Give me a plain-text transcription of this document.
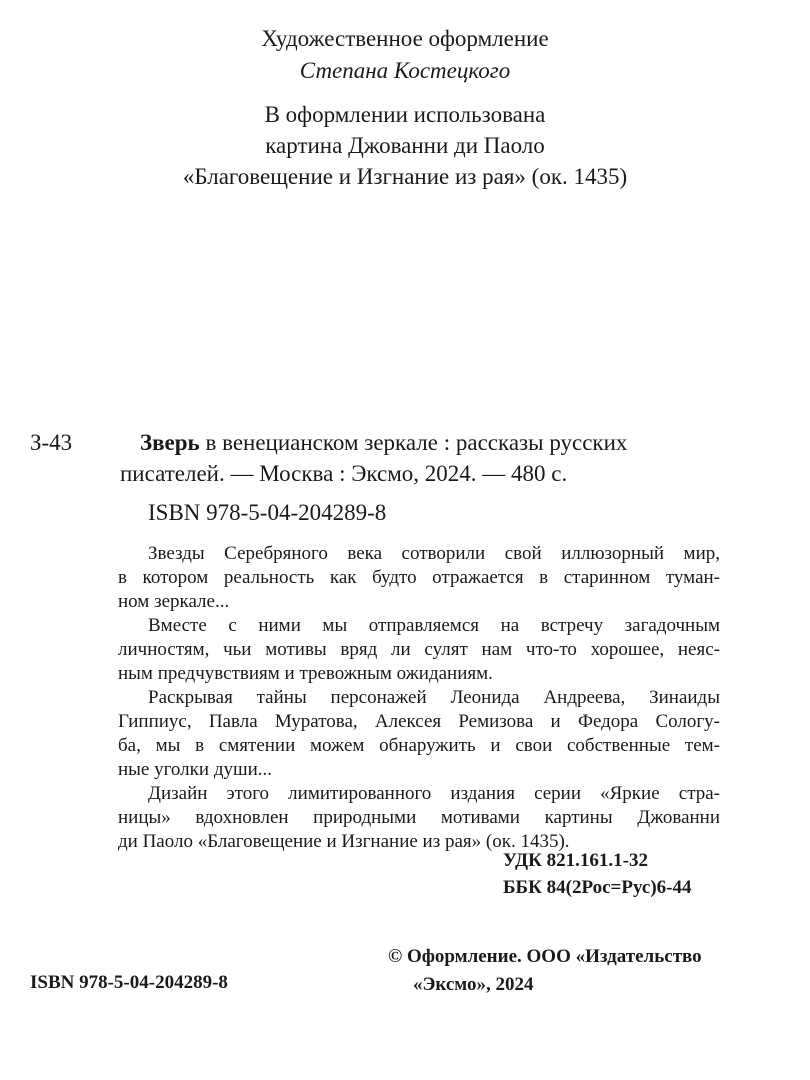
Художественное оформление
Степана Костецкого
В оформлении использована
картина Джованни ди Паоло
«Благовещение и Изгнание из рая» (ок. 1435)
З-43	Зверь в венецианском зеркале : рассказы русских
писателей. — Москва : Эксмо, 2024. — 480 с.
ISBN 978-5-04-204289-8
Звезды Серебряного века сотворили свой иллюзорный мир,
в котором реальность как будто отражается в старинном туман-
ном зеркале...
Вместе с ними мы отправляемся на встречу загадочным
личностям, чьи мотивы вряд ли сулят нам что-то хорошее, неяс-
ным предчувствиям и тревожным ожиданиям.
Раскрывая тайны персонажей Леонида Андреева, Зинаиды
Гиппиус, Павла Муратова, Алексея Ремизова и Федора Сологу-
ба, мы в смятении можем обнаружить и свои собственные тем-
ные уголки души...
Дизайн этого лимитированного издания серии «Яркие стра-
ницы» вдохновлен природными мотивами картины Джованни
ди Паоло «Благовещение и Изгнание из рая» (ок. 1435).
УДК 821.161.1-32
ББК 84(2Рос=Рус)6-44
ISBN 978-5-04-204289-8
© Оформление. ООО «Издательство
«Эксмо», 2024
